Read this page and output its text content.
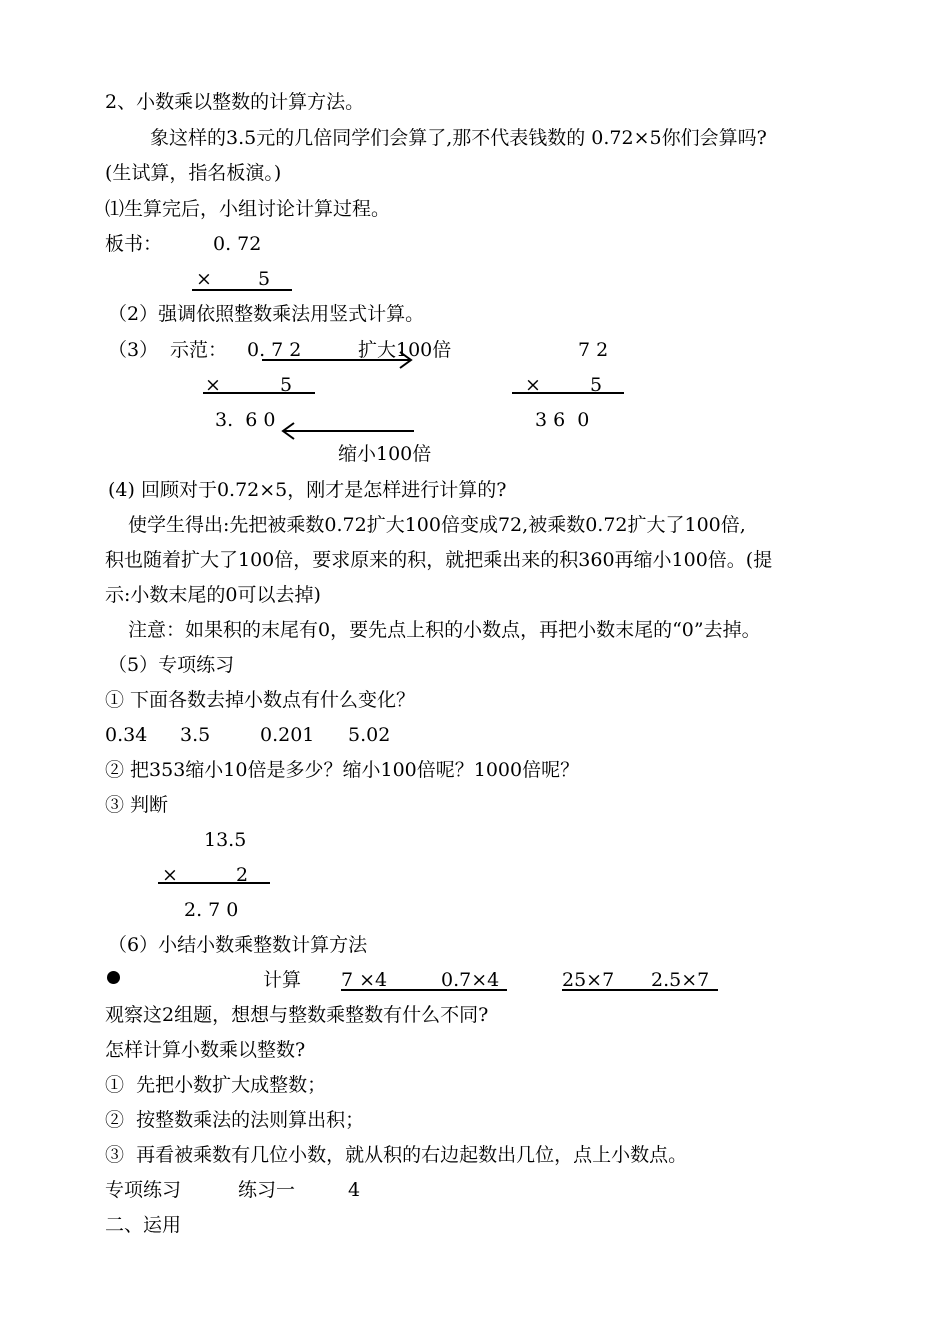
2、小数乘以整数的计算方法。
象这样的3.5元的几倍同学们会算了,那不代表钱数的 0.72×5你们会算吗?
(生试算，指名板演。)
⑴生算完后，小组讨论计算过程。
板书：	0. 72
× 5
（2）强调依照整数乘法用竖式计算。
（3） 示范： 0. 7 2	扩大100倍	7 2
×	5	×	5
3.  6 0	3 6  0
缩小100倍
(4) 回顾对于0.72×5，刚才是怎样进行计算的?
使学生得出:先把被乘数0.72扩大100倍变成72,被乘数0.72扩大了100倍,
积也随着扩大了100倍，要求原来的积，就把乘出来的积360再缩小100倍。(提
示:小数末尾的0可以去掉)
注意：如果积的末尾有0，要先点上积的小数点，再把小数末尾的“0”去掉。
（5）专项练习
① 下面各数去掉小数点有什么变化？
0.34 3.5	0.201 5.02
② 把353缩小10倍是多少？缩小100倍呢？1000倍呢？
③ 判断
13.5
×	2
2. 7 0
（6）小结小数乘整数计算方法
计算 7 ×4	0.7×4	25×7 2.5×7
观察这2组题，想想与整数乘整数有什么不同?
怎样计算小数乘以整数?
①  先把小数扩大成整数；
②  按整数乘法的法则算出积；
③  再看被乘数有几位小数，就从积的右边起数出几位，点上小数点。
专项练习	练习一	4
二、运用
